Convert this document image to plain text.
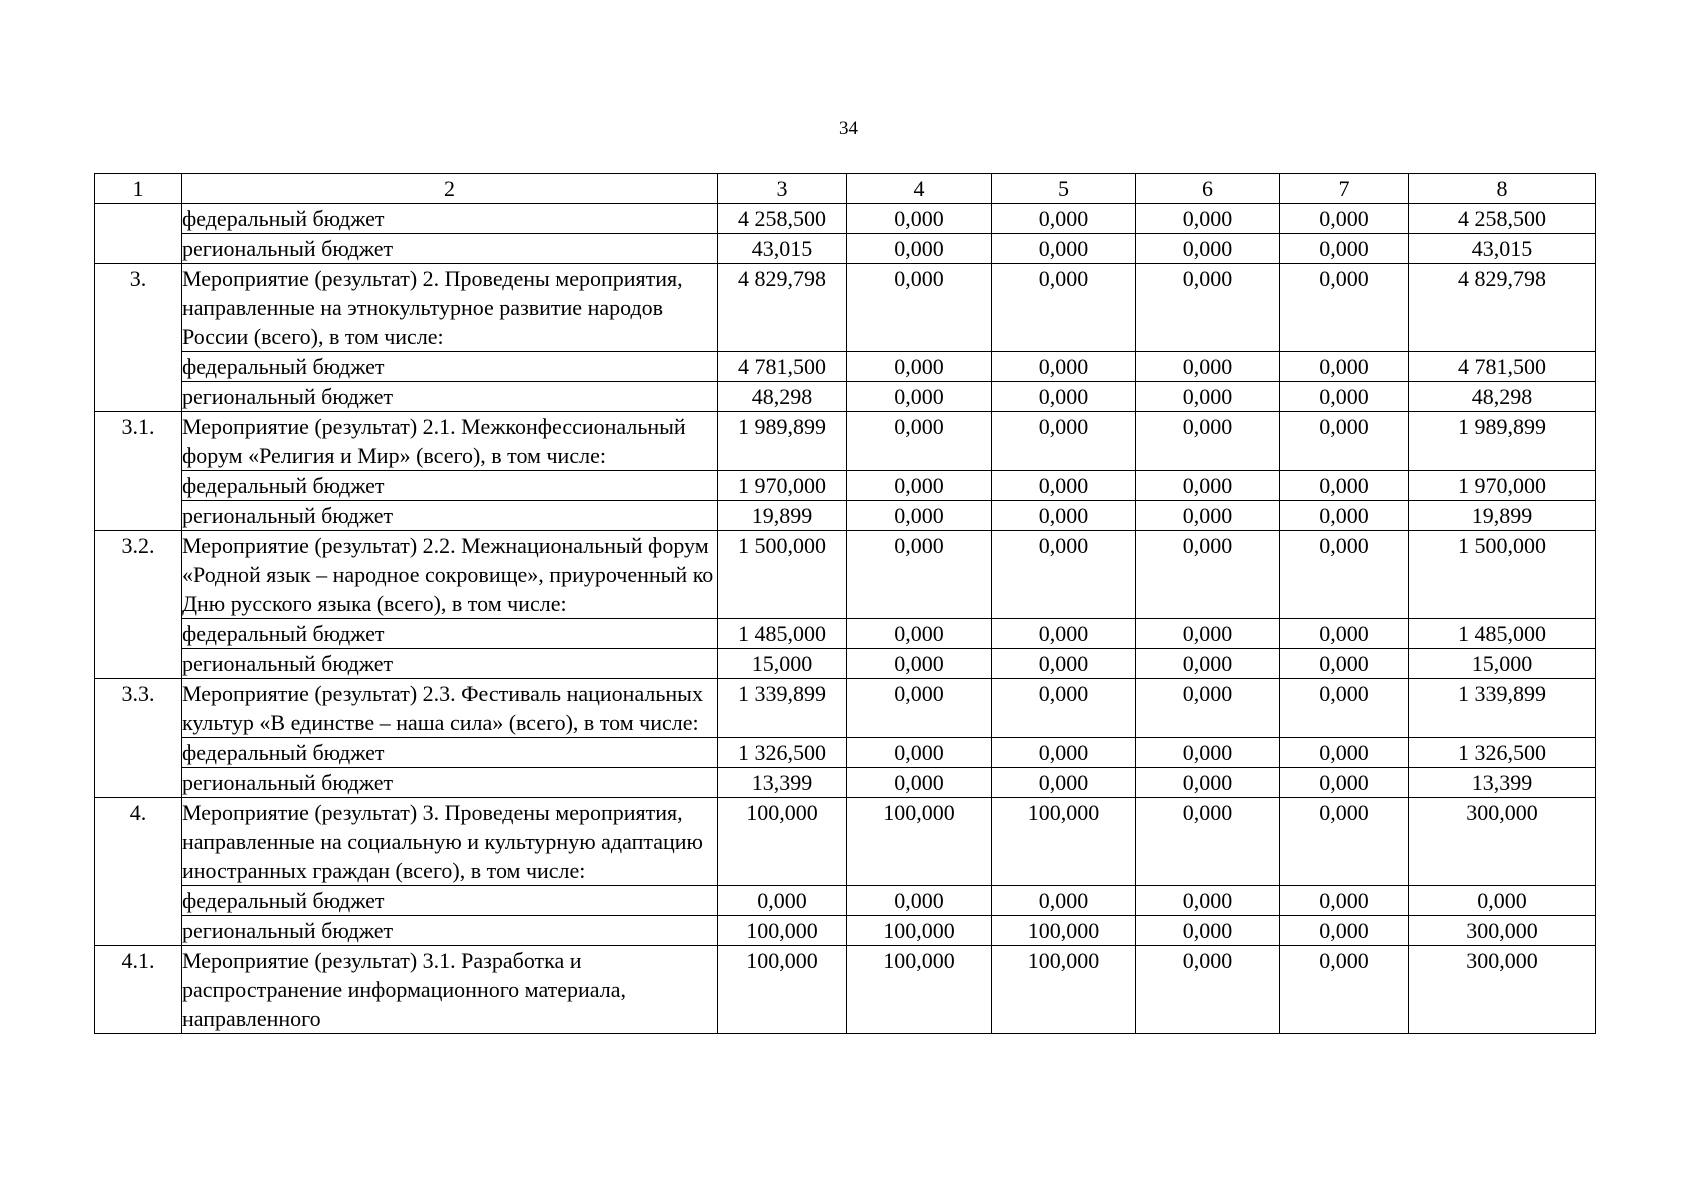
34
1	2	3	4	5	6	7	8
	федеральный бюджет	4 258,500	0,000	0,000	0,000	0,000	4 258,500
	региональный бюджет	43,015	0,000	0,000	0,000	0,000	43,015
3.	Мероприятие (результат) 2. Проведены мероприятия, направленные на этнокультурное развитие народов России (всего), в том числе:	4 829,798	0,000	0,000	0,000	0,000	4 829,798
	федеральный бюджет	4 781,500	0,000	0,000	0,000	0,000	4 781,500
	региональный бюджет	48,298	0,000	0,000	0,000	0,000	48,298
3.1.	Мероприятие (результат) 2.1. Межконфессиональный форум «Религия и Мир» (всего), в том числе:	1 989,899	0,000	0,000	0,000	0,000	1 989,899
	федеральный бюджет	1 970,000	0,000	0,000	0,000	0,000	1 970,000
	региональный бюджет	19,899	0,000	0,000	0,000	0,000	19,899
3.2.	Мероприятие (результат) 2.2. Межнациональный форум «Родной язык – народное сокровище», приуроченный ко Дню русского языка (всего), в том числе:	1 500,000	0,000	0,000	0,000	0,000	1 500,000
	федеральный бюджет	1 485,000	0,000	0,000	0,000	0,000	1 485,000
	региональный бюджет	15,000	0,000	0,000	0,000	0,000	15,000
3.3.	Мероприятие (результат) 2.3. Фестиваль национальных культур «В единстве – наша сила» (всего), в том числе:	1 339,899	0,000	0,000	0,000	0,000	1 339,899
	федеральный бюджет	1 326,500	0,000	0,000	0,000	0,000	1 326,500
	региональный бюджет	13,399	0,000	0,000	0,000	0,000	13,399
4.	Мероприятие (результат) 3. Проведены мероприятия, направленные на социальную и культурную адаптацию иностранных граждан (всего), в том числе:	100,000	100,000	100,000	0,000	0,000	300,000
	федеральный бюджет	0,000	0,000	0,000	0,000	0,000	0,000
	региональный бюджет	100,000	100,000	100,000	0,000	0,000	300,000
4.1.	Мероприятие (результат) 3.1. Разработка и распространение информационного материала, направленного	100,000	100,000	100,000	0,000	0,000	300,000
